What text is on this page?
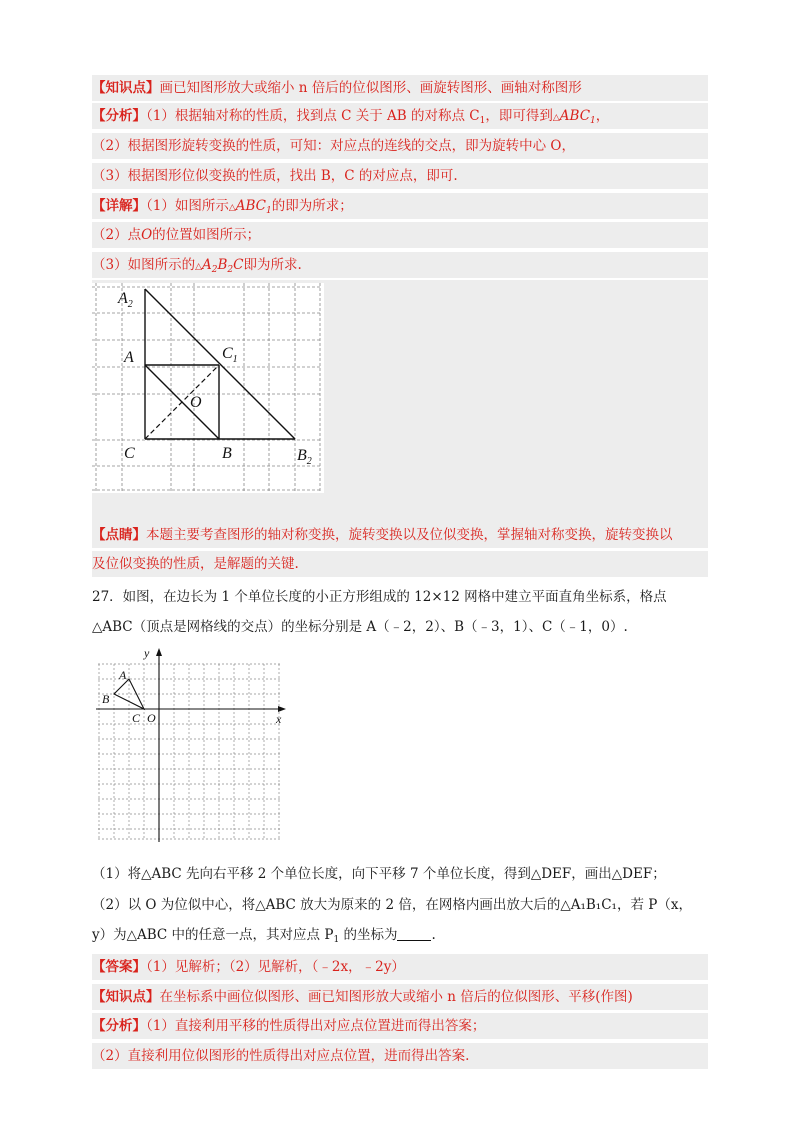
【知识点】画已知图形放大或缩小 n 倍后的位似图形、画旋转图形、画轴对称图形
【分析】（1）根据轴对称的性质，找到点 C 关于 AB 的对称点 $C_1$，即可得到$\triangle ABC_1$，
（2）根据图形旋转变换的性质，可知：对应点的连线的交点，即为旋转中心 O，
（3）根据图形位似变换的性质，找出 B，C 的对应点，即可.
【详解】（1）如图所示$\triangle ABC_1$的即为所求；
（2）点O的位置如图所示；
（3）如图所示的$\triangle A_2B_2C$即为所求.
$A_2$
A	$C_1$
O
C	B	$B_2$
【点睛】本题主要考查图形的轴对称变换，旋转变换以及位似变换，掌握轴对称变换，旋转变换以
及位似变换的性质，是解题的关键.
27．如图，在边长为 1 个单位长度的小正方形组成的 12×12 网格中建立平面直角坐标系，格点
△ABC（顶点是网格线的交点）的坐标分别是 A（﹣2，2）、B（﹣3，1）、C（﹣1，0）.
y
x
A
B
C O
（1）将△ABC 先向右平移 2 个单位长度，向下平移 7 个单位长度，得到△DEF，画出△DEF；
（2）以 O 为位似中心，将△ABC 放大为原来的 2 倍，在网格内画出放大后的△A₁B₁C₁，若 P（x，
y）为△ABC 中的任意一点，其对应点 $P_1$ 的坐标为	.
【答案】（1）见解析；（2）见解析，（﹣2x，﹣2y）
【知识点】在坐标系中画位似图形、画已知图形放大或缩小 n 倍后的位似图形、平移(作图)
【分析】（1）直接利用平移的性质得出对应点位置进而得出答案；
（2）直接利用位似图形的性质得出对应点位置，进而得出答案.
